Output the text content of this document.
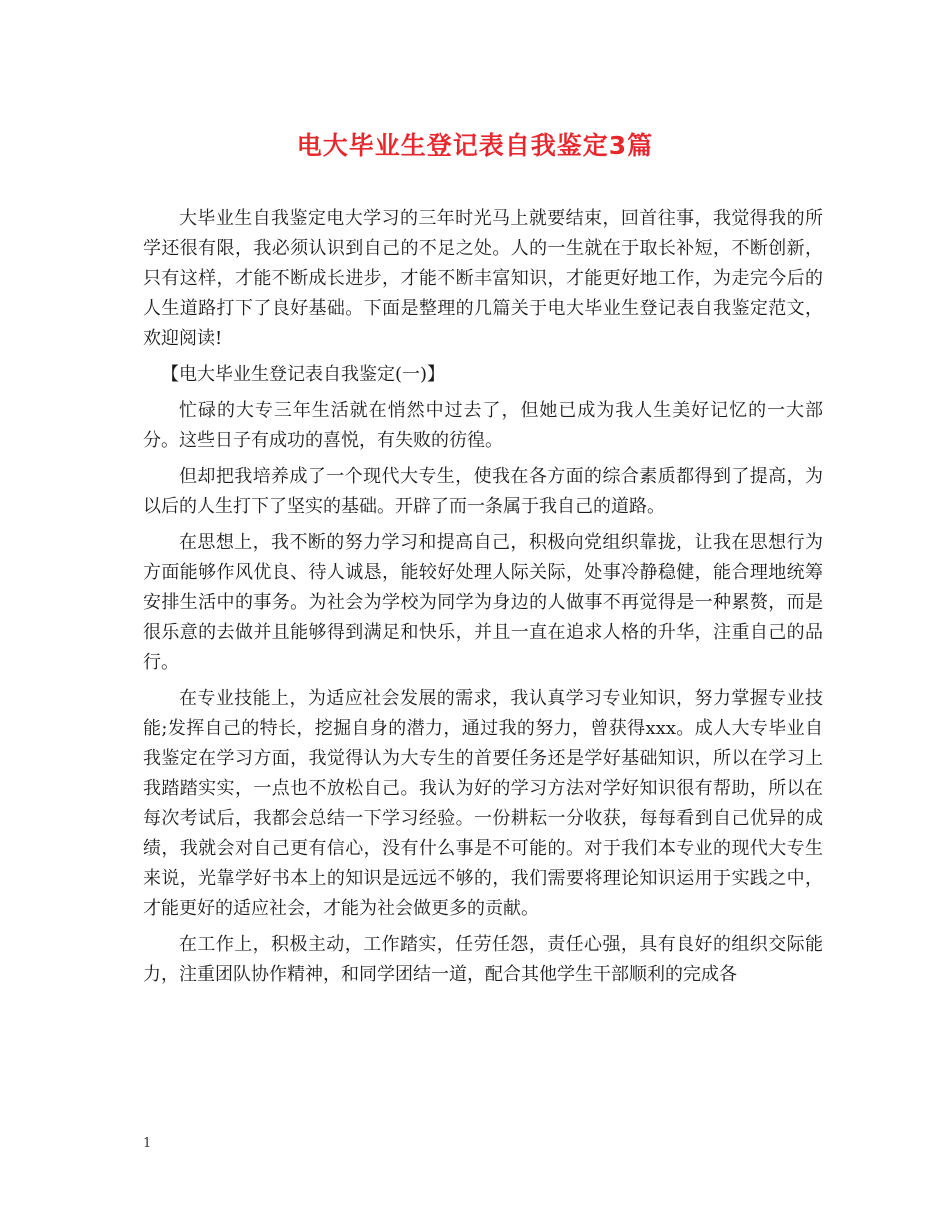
电大毕业生登记表自我鉴定3篇

大毕业生自我鉴定电大学习的三年时光马上就要结束，回首往事，我觉得我的所学还很有限，我必须认识到自己的不足之处。人的一生就在于取长补短，不断创新，只有这样，才能不断成长进步，才能不断丰富知识，才能更好地工作，为走完今后的人生道路打下了良好基础。下面是整理的几篇关于电大毕业生登记表自我鉴定范文，欢迎阅读!

【电大毕业生登记表自我鉴定(一)】

忙碌的大专三年生活就在悄然中过去了，但她已成为我人生美好记忆的一大部分。这些日子有成功的喜悦，有失败的彷徨。

但却把我培养成了一个现代大专生，使我在各方面的综合素质都得到了提高，为以后的人生打下了坚实的基础。开辟了而一条属于我自己的道路。

在思想上，我不断的努力学习和提高自己，积极向党组织靠拢，让我在思想行为方面能够作风优良、待人诚恳，能较好处理人际关际，处事冷静稳健，能合理地统筹安排生活中的事务。为社会为学校为同学为身边的人做事不再觉得是一种累赘，而是很乐意的去做并且能够得到满足和快乐，并且一直在追求人格的升华，注重自己的品行。

在专业技能上，为适应社会发展的需求，我认真学习专业知识，努力掌握专业技能;发挥自己的特长，挖掘自身的潜力，通过我的努力，曾获得xxx。成人大专毕业自我鉴定在学习方面，我觉得认为大专生的首要任务还是学好基础知识，所以在学习上我踏踏实实，一点也不放松自己。我认为好的学习方法对学好知识很有帮助，所以在每次考试后，我都会总结一下学习经验。一份耕耘一分收获，每每看到自己优异的成绩，我就会对自己更有信心，没有什么事是不可能的。对于我们本专业的现代大专生来说，光靠学好书本上的知识是远远不够的，我们需要将理论知识运用于实践之中，才能更好的适应社会，才能为社会做更多的贡献。

在工作上，积极主动，工作踏实，任劳任怨，责任心强，具有良好的组织交际能力，注重团队协作精神，和同学团结一道，配合其他学生干部顺利的完成各

1
